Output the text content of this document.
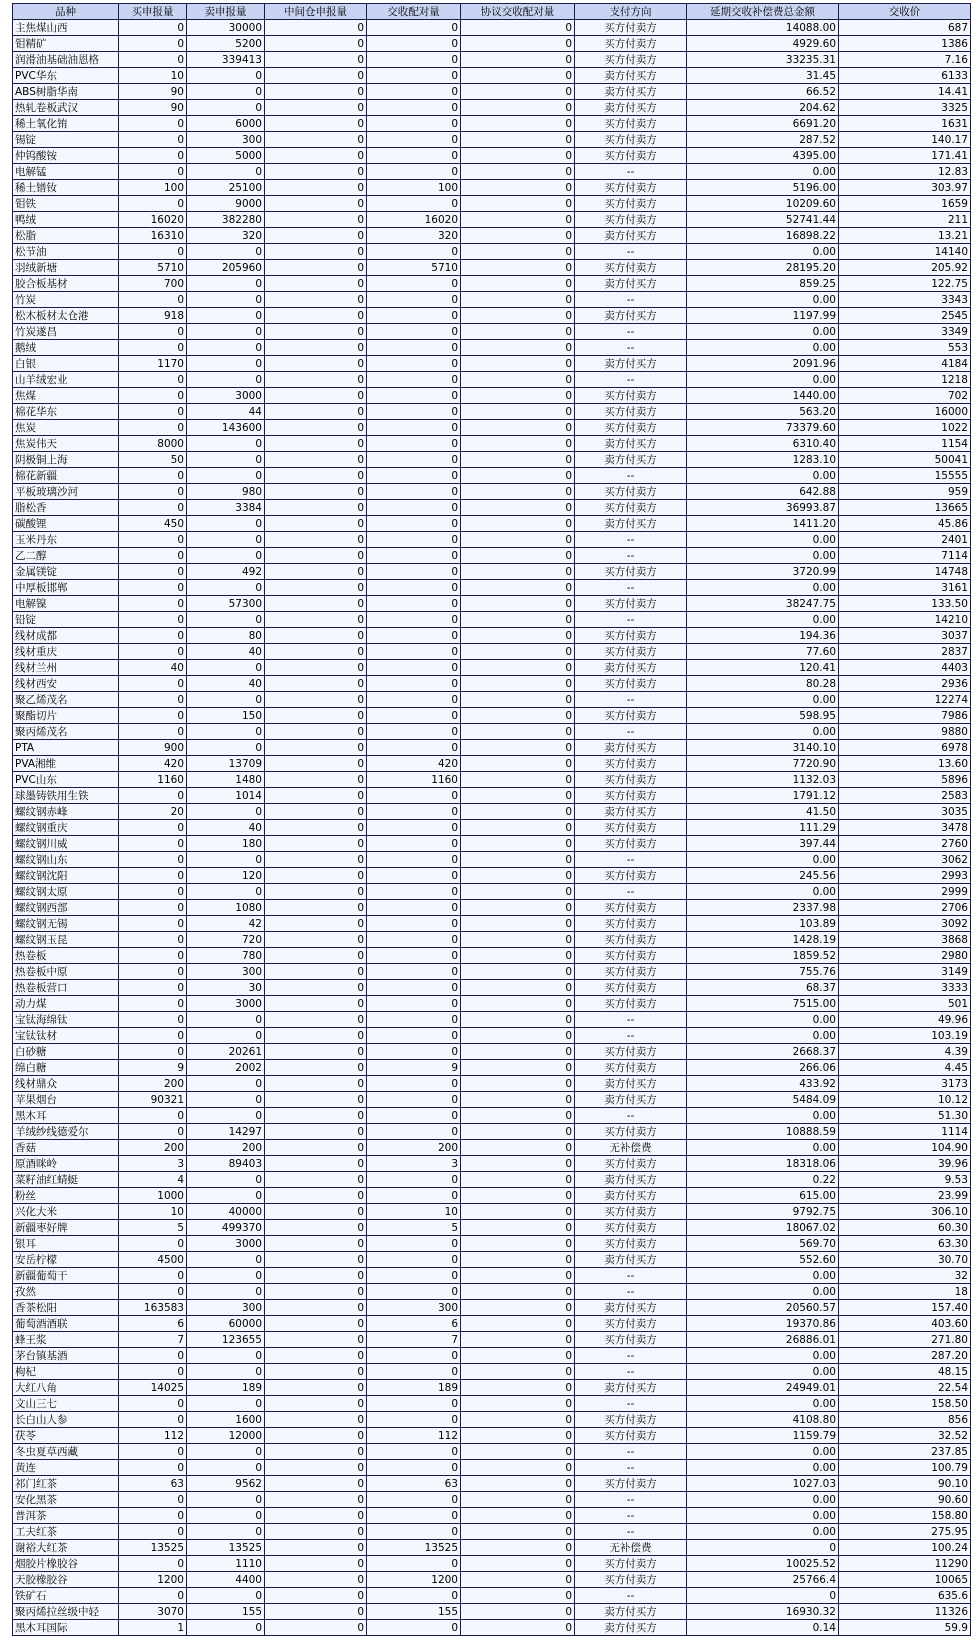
品种	买申报量	卖申报量	中间仓申报量	交收配对量	协议交收配对量	支付方向	延期交收补偿费总金额	交收价
主焦煤山西	0	30000	0	0	0	买方付卖方	14088.00	687
钼精矿	0	5200	0	0	0	买方付卖方	4929.60	1386
润滑油基础油恩格	0	339413	0	0	0	买方付卖方	33235.31	7.16
PVC华东	10	0	0	0	0	卖方付买方	31.45	6133
ABS树脂华南	90	0	0	0	0	卖方付买方	66.52	14.41
热轧卷板武汉	90	0	0	0	0	卖方付买方	204.62	3325
稀土氧化铕	0	6000	0	0	0	买方付卖方	6691.20	1631
锡锭	0	300	0	0	0	买方付卖方	287.52	140.17
仲钨酸铵	0	5000	0	0	0	买方付卖方	4395.00	171.41
电解锰	0	0	0	0	0	--	0.00	12.83
稀土镨钕	100	25100	0	100	0	买方付卖方	5196.00	303.97
钼铁	0	9000	0	0	0	买方付卖方	10209.60	1659
鸭绒	16020	382280	0	16020	0	买方付卖方	52741.44	211
松脂	16310	320	0	320	0	卖方付买方	16898.22	13.21
松节油	0	0	0	0	0	--	0.00	14140
羽绒新塘	5710	205960	0	5710	0	买方付卖方	28195.20	205.92
胶合板基材	700	0	0	0	0	卖方付买方	859.25	122.75
竹炭	0	0	0	0	0	--	0.00	3343
松木板材太仓港	918	0	0	0	0	卖方付买方	1197.99	2545
竹炭遂昌	0	0	0	0	0	--	0.00	3349
鹅绒	0	0	0	0	0	--	0.00	553
白银	1170	0	0	0	0	卖方付买方	2091.96	4184
山羊绒宏业	0	0	0	0	0	--	0.00	1218
焦煤	0	3000	0	0	0	买方付卖方	1440.00	702
棉花华东	0	44	0	0	0	买方付卖方	563.20	16000
焦炭	0	143600	0	0	0	买方付卖方	73379.60	1022
焦炭伟天	8000	0	0	0	0	卖方付买方	6310.40	1154
阴极铜上海	50	0	0	0	0	卖方付买方	1283.10	50041
棉花新疆	0	0	0	0	0	--	0.00	15555
平板玻璃沙河	0	980	0	0	0	买方付卖方	642.88	959
脂松香	0	3384	0	0	0	买方付卖方	36993.87	13665
碳酸锂	450	0	0	0	0	卖方付买方	1411.20	45.86
玉米丹东	0	0	0	0	0	--	0.00	2401
乙二醇	0	0	0	0	0	--	0.00	7114
金属镁锭	0	492	0	0	0	买方付卖方	3720.99	14748
中厚板邯郸	0	0	0	0	0	--	0.00	3161
电解镍	0	57300	0	0	0	买方付卖方	38247.75	133.50
铅锭	0	0	0	0	0	--	0.00	14210
线材成都	0	80	0	0	0	买方付卖方	194.36	3037
线材重庆	0	40	0	0	0	买方付卖方	77.60	2837
线材兰州	40	0	0	0	0	卖方付买方	120.41	4403
线材西安	0	40	0	0	0	买方付卖方	80.28	2936
聚乙烯茂名	0	0	0	0	0	--	0.00	12274
聚酯切片	0	150	0	0	0	买方付卖方	598.95	7986
聚丙烯茂名	0	0	0	0	0	--	0.00	9880
PTA	900	0	0	0	0	卖方付买方	3140.10	6978
PVA湘维	420	13709	0	420	0	买方付卖方	7720.90	13.60
PVC山东	1160	1480	0	1160	0	买方付卖方	1132.03	5896
球墨铸铁用生铁	0	1014	0	0	0	买方付卖方	1791.12	2583
螺纹钢赤峰	20	0	0	0	0	卖方付买方	41.50	3035
螺纹钢重庆	0	40	0	0	0	买方付卖方	111.29	3478
螺纹钢川威	0	180	0	0	0	买方付卖方	397.44	2760
螺纹钢山东	0	0	0	0	0	--	0.00	3062
螺纹钢沈阳	0	120	0	0	0	买方付卖方	245.56	2993
螺纹钢太原	0	0	0	0	0	--	0.00	2999
螺纹钢西部	0	1080	0	0	0	买方付卖方	2337.98	2706
螺纹钢无锡	0	42	0	0	0	买方付卖方	103.89	3092
螺纹钢玉昆	0	720	0	0	0	买方付卖方	1428.19	3868
热卷板	0	780	0	0	0	买方付卖方	1859.52	2980
热卷板中原	0	300	0	0	0	买方付卖方	755.76	3149
热卷板营口	0	30	0	0	0	买方付卖方	68.37	3333
动力煤	0	3000	0	0	0	买方付卖方	7515.00	501
宝钛海绵钛	0	0	0	0	0	--	0.00	49.96
宝钛钛材	0	0	0	0	0	--	0.00	103.19
白砂糖	0	20261	0	0	0	买方付卖方	2668.37	4.39
绵白糖	9	2002	0	9	0	买方付卖方	266.06	4.45
线材鼎众	200	0	0	0	0	卖方付买方	433.92	3173
苹果烟台	90321	0	0	0	0	卖方付买方	5484.09	10.12
黑木耳	0	0	0	0	0	--	0.00	51.30
羊绒纱线德爱尔	0	14297	0	0	0	买方付卖方	10888.59	1114
香菇	200	200	0	200	0	无补偿费	0.00	104.90
原酒咪岭	3	89403	0	3	0	买方付卖方	18318.06	39.96
菜籽油红蜻蜓	4	0	0	0	0	卖方付买方	0.22	9.53
粉丝	1000	0	0	0	0	卖方付买方	615.00	23.99
兴化大米	10	40000	0	10	0	买方付卖方	9792.75	306.10
新疆枣好牌	5	499370	0	5	0	买方付卖方	18067.02	60.30
银耳	0	3000	0	0	0	买方付卖方	569.70	63.30
安岳柠檬	4500	0	0	0	0	卖方付买方	552.60	30.70
新疆葡萄干	0	0	0	0	0	--	0.00	32
孜然	0	0	0	0	0	--	0.00	18
香茶松阳	163583	300	0	300	0	卖方付买方	20560.57	157.40
葡萄酒酒联	6	60000	0	6	0	买方付卖方	19370.86	403.60
蜂王浆	7	123655	0	7	0	买方付卖方	26886.01	271.80
茅台镇基酒	0	0	0	0	0	--	0.00	287.20
枸杞	0	0	0	0	0	--	0.00	48.15
大红八角	14025	189	0	189	0	卖方付买方	24949.01	22.54
文山三七	0	0	0	0	0	--	0.00	158.50
长白山人参	0	1600	0	0	0	买方付卖方	4108.80	856
茯苓	112	12000	0	112	0	买方付卖方	1159.79	32.52
冬虫夏草西藏	0	0	0	0	0	--	0.00	237.85
黄连	0	0	0	0	0	--	0.00	100.79
祁门红茶	63	9562	0	63	0	买方付卖方	1027.03	90.10
安化黑茶	0	0	0	0	0	--	0.00	90.60
普洱茶	0	0	0	0	0	--	0.00	158.80
工夫红茶	0	0	0	0	0	--	0.00	275.95
谢裕大红茶	13525	13525	0	13525	0	无补偿费	0	100.24
烟胶片橡胶谷	0	1110	0	0	0	买方付卖方	10025.52	11290
天胶橡胶谷	1200	4400	0	1200	0	买方付卖方	25766.4	10065
铁矿石	0	0	0	0	0	--	0	635.6
聚丙烯拉丝级中轻	3070	155	0	155	0	卖方付买方	16930.32	11326
黑木耳国际	1	0	0	0	0	卖方付买方	0.14	59.9
